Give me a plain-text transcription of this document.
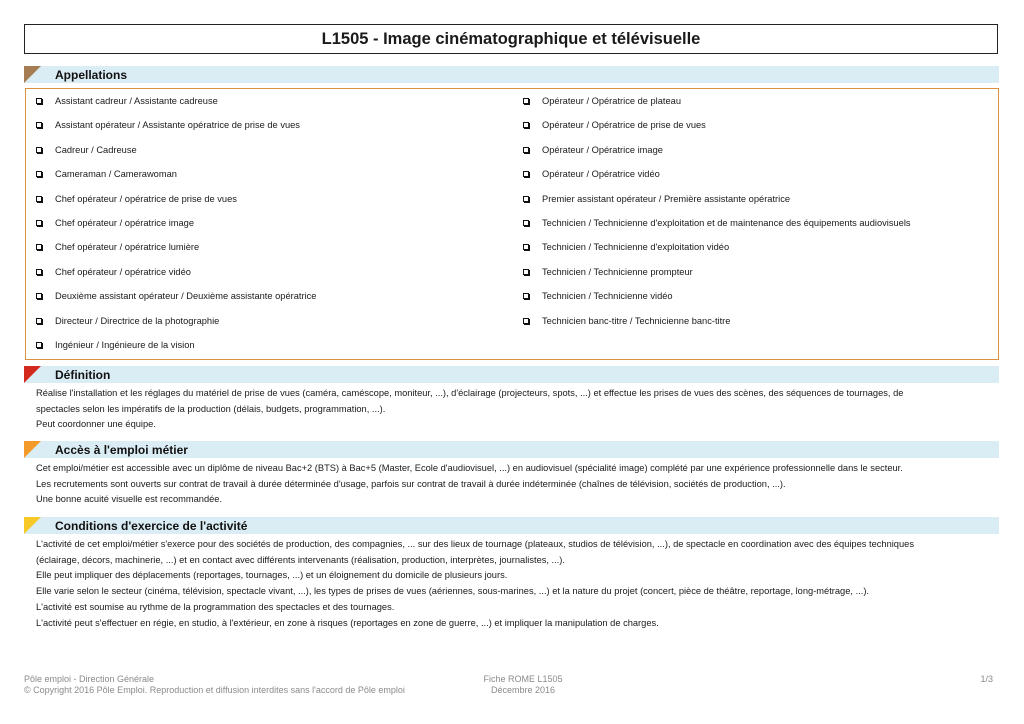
L1505 - Image cinématographique et télévisuelle
Appellations
Assistant cadreur / Assistante cadreuse
Assistant opérateur / Assistante opératrice de prise de vues
Cadreur / Cadreuse
Cameraman / Camerawoman
Chef opérateur / opératrice de prise de vues
Chef opérateur / opératrice image
Chef opérateur / opératrice lumière
Chef opérateur / opératrice vidéo
Deuxième assistant opérateur / Deuxième assistante opératrice
Directeur / Directrice de la photographie
Ingénieur / Ingénieure de la vision
Opérateur / Opératrice de plateau
Opérateur / Opératrice de prise de vues
Opérateur / Opératrice image
Opérateur / Opératrice vidéo
Premier assistant opérateur / Première assistante opératrice
Technicien / Technicienne d'exploitation et de maintenance des équipements audiovisuels
Technicien / Technicienne d'exploitation vidéo
Technicien / Technicienne prompteur
Technicien / Technicienne vidéo
Technicien banc-titre / Technicienne banc-titre
Définition

Réalise l'installation et les réglages du matériel de prise de vues (caméra, caméscope, moniteur, ...), d'éclairage (projecteurs, spots, ...) et effectue les prises de vues des scènes, des séquences de tournages, de

spectacles selon les impératifs de la production (délais, budgets, programmation, ...).

Peut coordonner une équipe.

Accès à l'emploi métier

Cet emploi/métier est accessible avec un diplôme de niveau Bac+2 (BTS) à Bac+5 (Master, Ecole d'audiovisuel, ...) en audiovisuel (spécialité image) complété par une expérience professionnelle dans le secteur.

Les recrutements sont ouverts sur contrat de travail à durée déterminée d'usage, parfois sur contrat de travail à durée indéterminée (chaînes de télévision, sociétés de production, ...).

Une bonne acuité visuelle est recommandée.

Conditions d'exercice de l'activité

L'activité de cet emploi/métier s'exerce pour des sociétés de production, des compagnies, ... sur des lieux de tournage (plateaux, studios de télévision, ...), de spectacle en coordination avec des équipes techniques

(éclairage, décors, machinerie, ...) et en contact avec différents intervenants (réalisation, production, interprètes, journalistes, ...).

Elle peut impliquer des déplacements (reportages, tournages, ...) et un éloignement du domicile de plusieurs jours.

Elle varie selon le secteur (cinéma, télévision, spectacle vivant, ...), les types de prises de vues (aériennes, sous-marines, ...) et la nature du projet (concert, pièce de théâtre, reportage, long-métrage, ...).

L'activité est soumise au rythme de la programmation des spectacles et des tournages.

L'activité peut s'effectuer en régie, en studio, à l'extérieur, en zone à risques (reportages en zone de guerre, ...) et impliquer la manipulation de charges.

Pôle emploi - Direction Générale
© Copyright 2016 Pôle Emploi. Reproduction et diffusion interdites sans l'accord de Pôle emploi
Fiche ROME L1505
Décembre 2016
1/3
